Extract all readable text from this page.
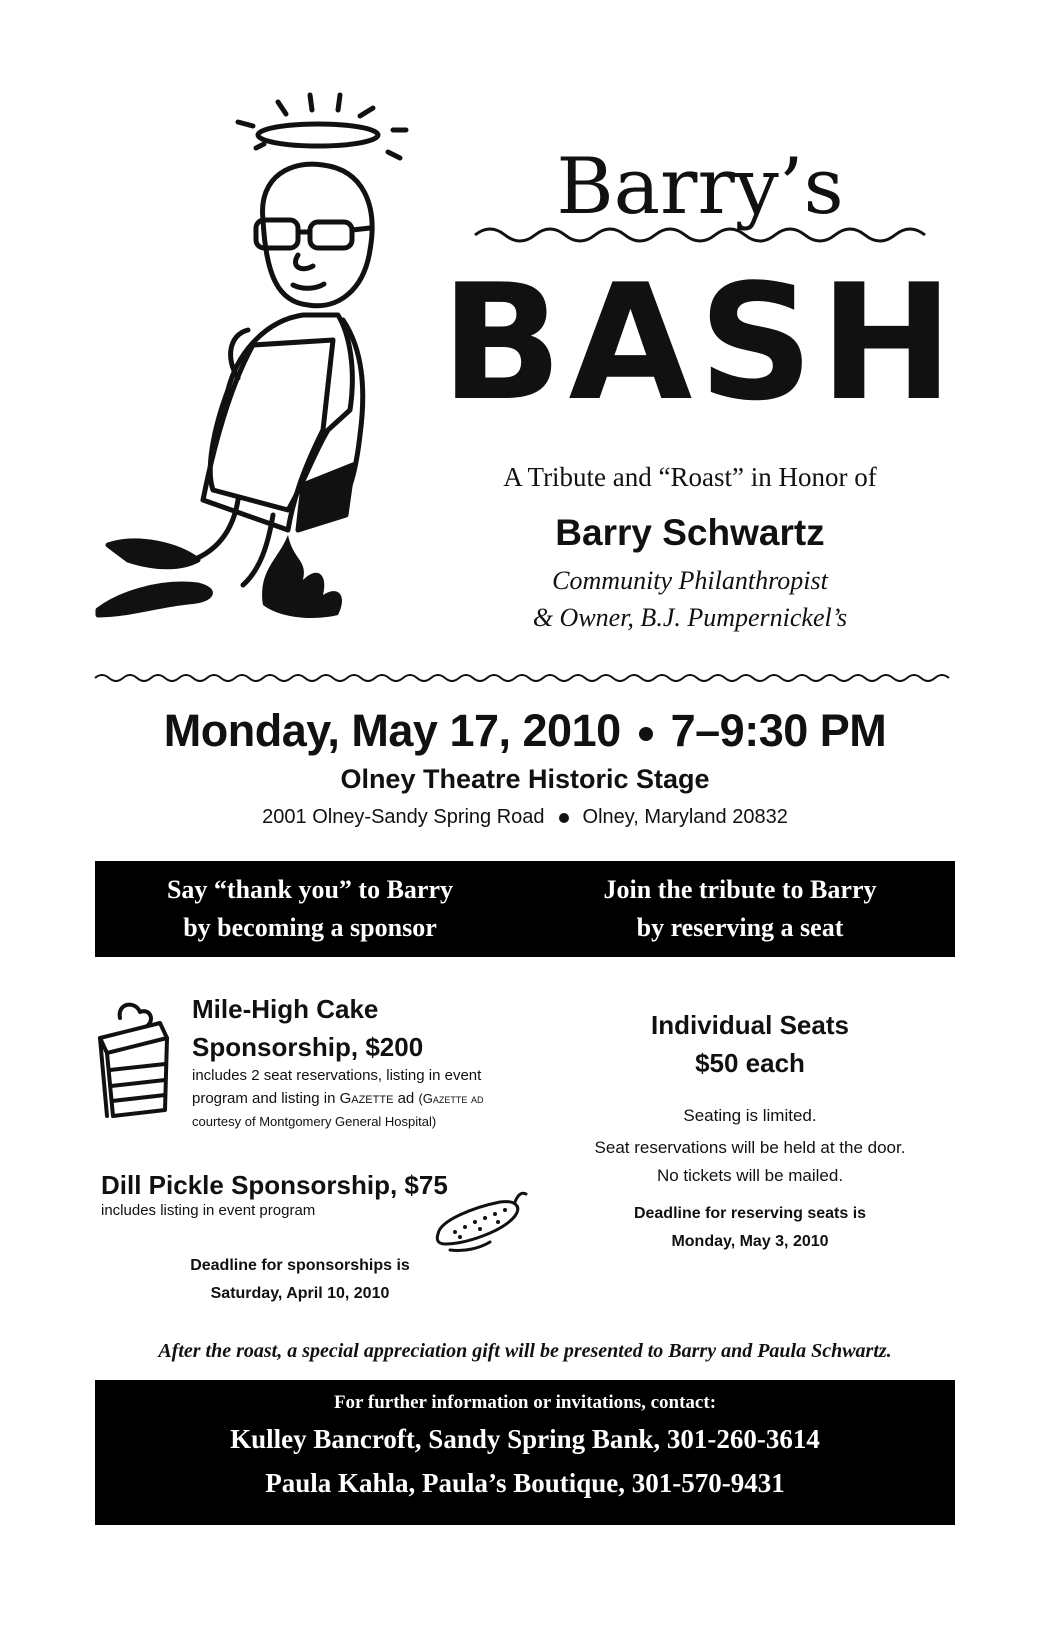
Barry’s
BASH
A Tribute and “Roast” in Honor of
Barry Schwartz
Community Philanthropist
& Owner, B.J. Pumpernickel’s
Monday, May 17, 2010 7–9:30 PM
Olney Theatre Historic Stage
2001 Olney-Sandy Spring Road Olney, Maryland 20832
Say “thank you” to Barry
by becoming a sponsor
Join the tribute to Barry
by reserving a seat
Mile-High Cake
Sponsorship, $200
includes 2 seat reservations, listing in event
program and listing in Gazette ad (Gazette ad
courtesy of Montgomery General Hospital)
Dill Pickle Sponsorship, $75
includes listing in event program
Deadline for sponsorships is
Saturday, April 10, 2010
Individual Seats
$50 each
Seating is limited.
Seat reservations will be held at the door.
No tickets will be mailed.
Deadline for reserving seats is
Monday, May 3, 2010
After the roast, a special appreciation gift will be presented to Barry and Paula Schwartz.
For further information or invitations, contact:
Kulley Bancroft, Sandy Spring Bank, 301-260-3614
Paula Kahla, Paula’s Boutique, 301-570-9431
